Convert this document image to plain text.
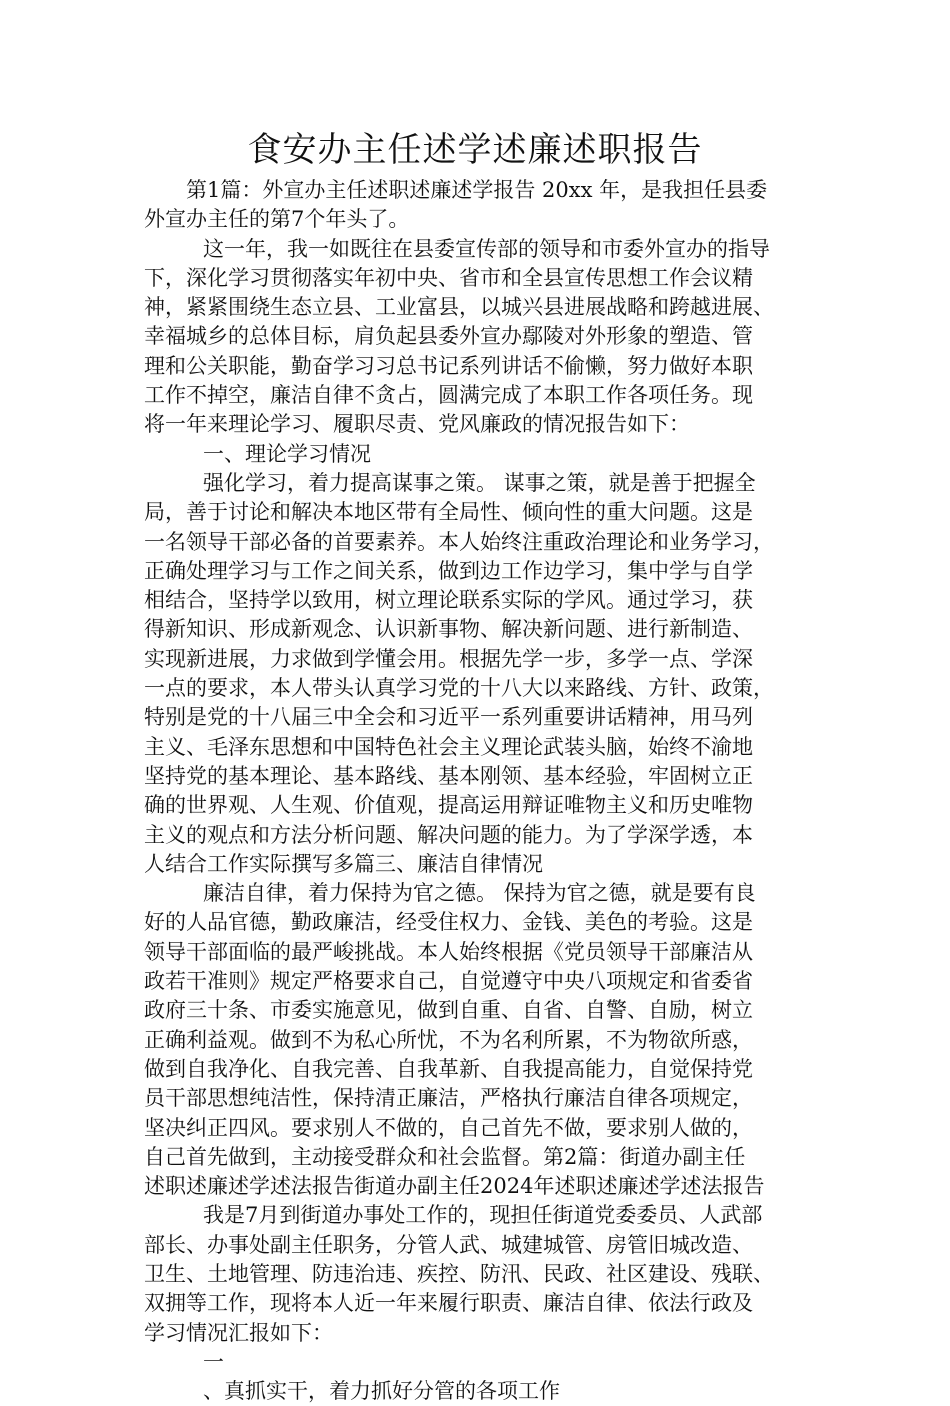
食安办主任述学述廉述职报告
第1篇：外宣办主任述职述廉述学报告 20xx 年，是我担任县委
外宣办主任的第7个年头了。
这一年，我一如既往在县委宣传部的领导和市委外宣办的指导
下，深化学习贯彻落实年初中央、省市和全县宣传思想工作会议精
神，紧紧围绕生态立县、工业富县，以城兴县进展战略和跨越进展、
幸福城乡的总体目标，肩负起县委外宣办鄢陵对外形象的塑造、管
理和公关职能，勤奋学习习总书记系列讲话不偷懒，努力做好本职
工作不掉空，廉洁自律不贪占，圆满完成了本职工作各项任务。现
将一年来理论学习、履职尽责、党风廉政的情况报告如下：
一、理论学习情况
强化学习，着力提高谋事之策。 谋事之策，就是善于把握全
局，善于讨论和解决本地区带有全局性、倾向性的重大问题。这是
一名领导干部必备的首要素养。本人始终注重政治理论和业务学习，
正确处理学习与工作之间关系，做到边工作边学习，集中学与自学
相结合，坚持学以致用，树立理论联系实际的学风。通过学习，获
得新知识、形成新观念、认识新事物、解决新问题、进行新制造、
实现新进展，力求做到学懂会用。根据先学一步，多学一点、学深
一点的要求，本人带头认真学习党的十八大以来路线、方针、政策，
特别是党的十八届三中全会和习近平一系列重要讲话精神，用马列
主义、毛泽东思想和中国特色社会主义理论武装头脑，始终不渝地
坚持党的基本理论、基本路线、基本刚领、基本经验，牢固树立正
确的世界观、人生观、价值观，提高运用辩证唯物主义和历史唯物
主义的观点和方法分析问题、解决问题的能力。为了学深学透，本
人结合工作实际撰写多篇三、廉洁自律情况
廉洁自律，着力保持为官之德。 保持为官之德，就是要有良
好的人品官德，勤政廉洁，经受住权力、金钱、美色的考验。这是
领导干部面临的最严峻挑战。本人始终根据《党员领导干部廉洁从
政若干准则》规定严格要求自己，自觉遵守中央八项规定和省委省
政府三十条、市委实施意见，做到自重、自省、自警、自励，树立
正确利益观。做到不为私心所忧，不为名利所累，不为物欲所惑，
做到自我净化、自我完善、自我革新、自我提高能力，自觉保持党
员干部思想纯洁性，保持清正廉洁，严格执行廉洁自律各项规定，
坚决纠正四风。要求别人不做的，自己首先不做，要求别人做的，
自己首先做到，主动接受群众和社会监督。第2篇：街道办副主任
述职述廉述学述法报告街道办副主任2024年述职述廉述学述法报告
我是7月到街道办事处工作的，现担任街道党委委员、人武部
部长、办事处副主任职务，分管人武、城建城管、房管旧城改造、
卫生、土地管理、防违治违、疾控、防汛、民政、社区建设、残联、
双拥等工作，现将本人近一年来履行职责、廉洁自律、依法行政及
学习情况汇报如下：
一
、真抓实干，着力抓好分管的各项工作
